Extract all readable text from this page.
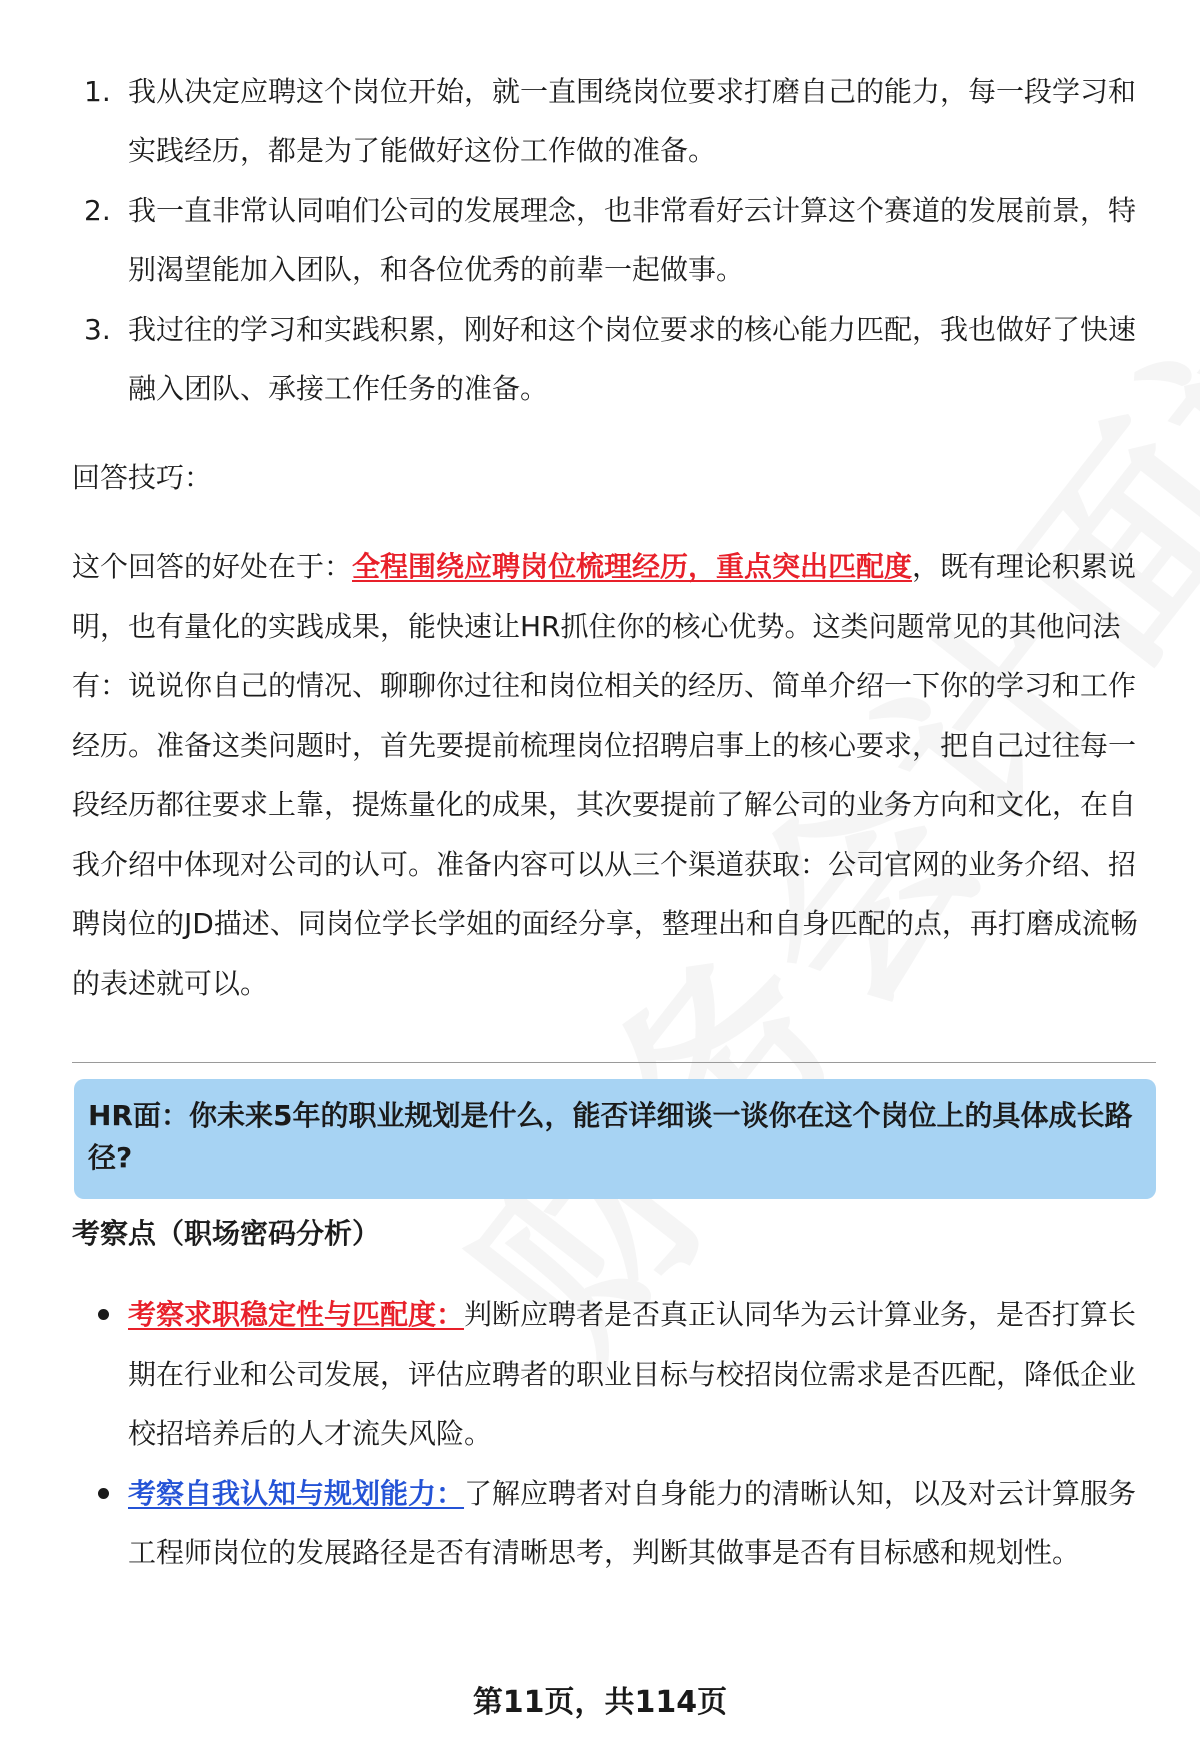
1. 我从决定应聘这个岗位开始，就一直围绕岗位要求打磨自己的能力，每一段学习和实践经历，都是为了能做好这份工作做的准备。
2. 我一直非常认同咱们公司的发展理念，也非常看好云计算这个赛道的发展前景，特别渴望能加入团队，和各位优秀的前辈一起做事。
3. 我过往的学习和实践积累，刚好和这个岗位要求的核心能力匹配，我也做好了快速融入团队、承接工作任务的准备。

回答技巧：

这个回答的好处在于：全程围绕应聘岗位梳理经历，重点突出匹配度，既有理论积累说明，也有量化的实践成果，能快速让HR抓住你的核心优势。这类问题常见的其他问法有：说说你自己的情况、聊聊你过往和岗位相关的经历、简单介绍一下你的学习和工作经历。准备这类问题时，首先要提前梳理岗位招聘启事上的核心要求，把自己过往每一段经历都往要求上靠，提炼量化的成果，其次要提前了解公司的业务方向和文化，在自我介绍中体现对公司的认可。准备内容可以从三个渠道获取：公司官网的业务介绍、招聘岗位的JD描述、同岗位学长学姐的面经分享，整理出和自身匹配的点，再打磨成流畅的表述就可以。

HR面：你未来5年的职业规划是什么，能否详细谈一谈你在这个岗位上的具体成长路径?

考察点（职场密码分析）

考察求职稳定性与匹配度：判断应聘者是否真正认同华为云计算业务，是否打算长期在行业和公司发展，评估应聘者的职业目标与校招岗位需求是否匹配，降低企业校招培养后的人才流失风险。
考察自我认知与规划能力：了解应聘者对自身能力的清晰认知，以及对云计算服务工程师岗位的发展路径是否有清晰思考，判断其做事是否有目标感和规划性。
第11页，共114页
